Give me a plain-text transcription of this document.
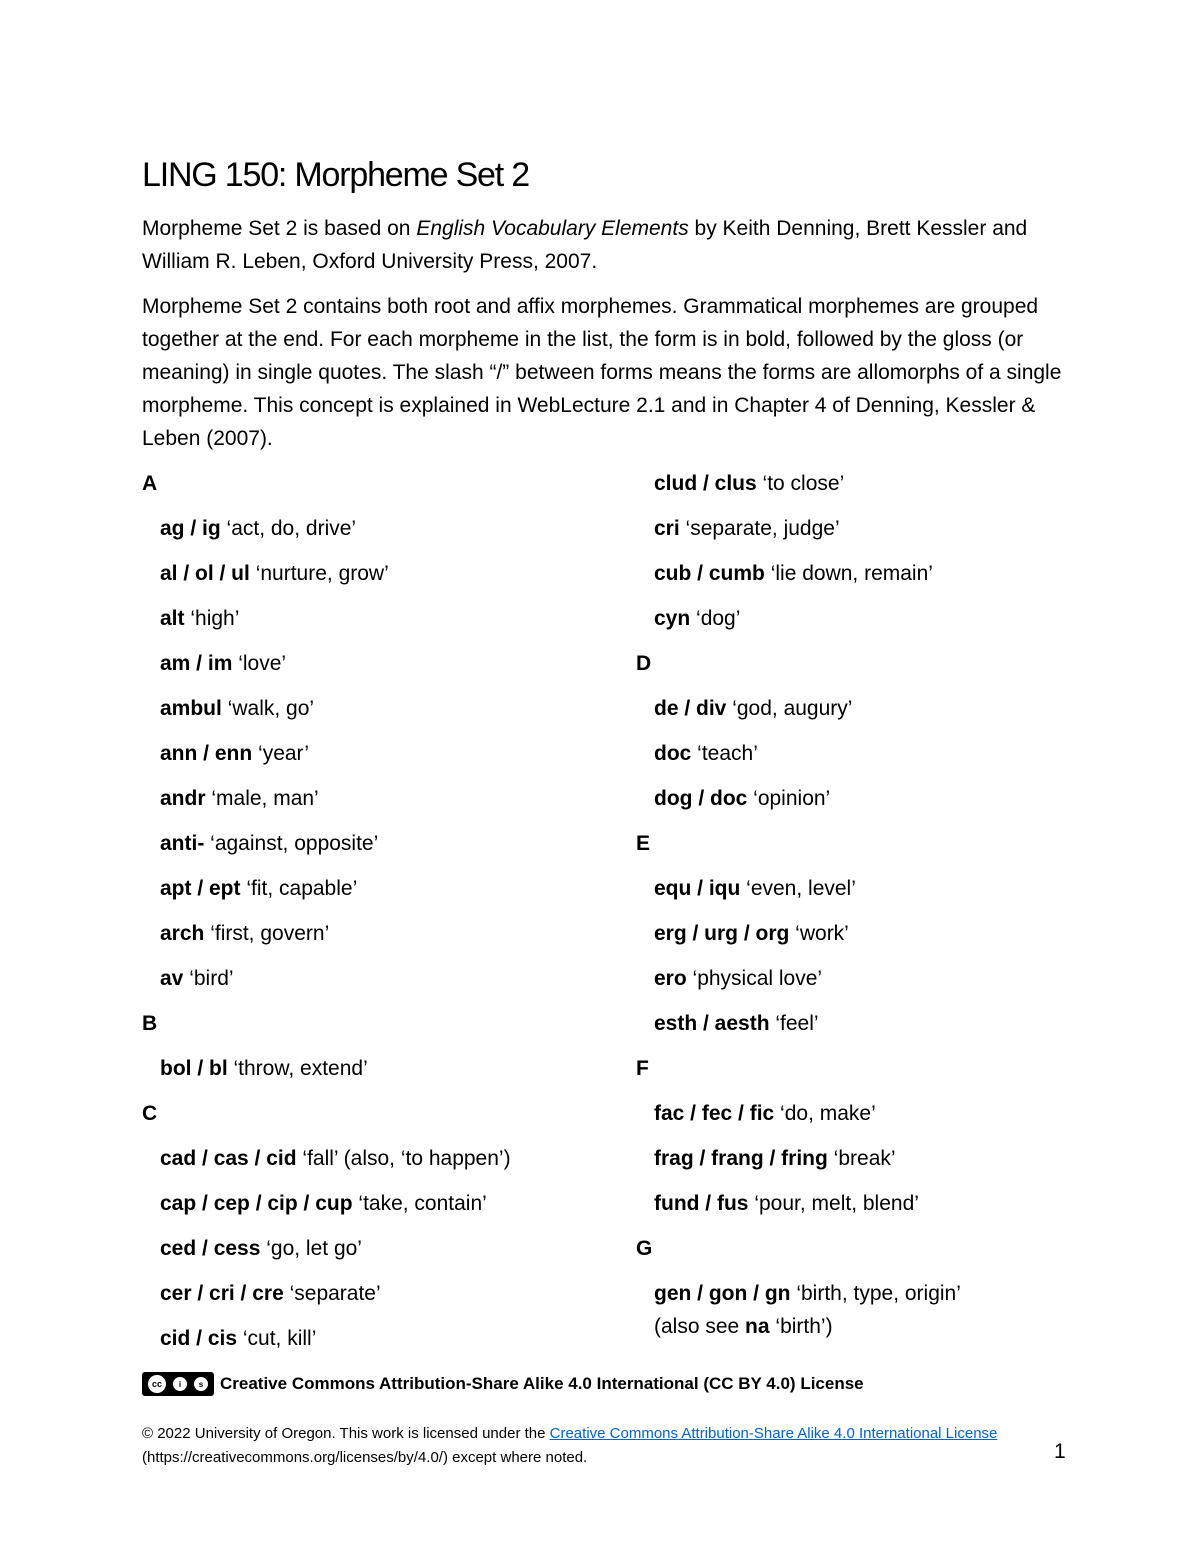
LING 150: Morpheme Set 2

Morpheme Set 2 is based on English Vocabulary Elements by Keith Denning, Brett Kessler and William R. Leben, Oxford University Press, 2007.

Morpheme Set 2 contains both root and affix morphemes. Grammatical morphemes are grouped together at the end. For each morpheme in the list, the form is in bold, followed by the gloss (or meaning) in single quotes. The slash “/” between forms means the forms are allomorphs of a single morpheme. This concept is explained in WebLecture 2.1 and in Chapter 4 of Denning, Kessler & Leben (2007).

A
ag / ig ‘act, do, drive’
al / ol / ul ‘nurture, grow’
alt ‘high’
am / im ‘love’
ambul ‘walk, go’
ann / enn ‘year’
andr ‘male, man’
anti- ‘against, opposite’
apt / ept ‘fit, capable’
arch ‘first, govern’
av ‘bird’
B
bol / bl ‘throw, extend’
C
cad / cas / cid ‘fall’ (also, ‘to happen’)
cap / cep / cip / cup ‘take, contain’
ced / cess ‘go, let go’
cer / cri / cre ‘separate’
cid / cis ‘cut, kill’
clud / clus ‘to close’
cri ‘separate, judge’
cub / cumb ‘lie down, remain’
cyn ‘dog’
D
de / div ‘god, augury’
doc ‘teach’
dog / doc ‘opinion’
E
equ / iqu ‘even, level’
erg / urg / org ‘work’
ero ‘physical love’
esth / aesth ‘feel’
F
fac / fec / fic ‘do, make’
frag / frang / fring ‘break’
fund / fus ‘pour, melt, blend’
G
gen / gon / gn ‘birth, type, origin’
(also see na ‘birth’)
cc	i	s Creative Commons Attribution-Share Alike 4.0 International (CC BY 4.0) License
© 2022 University of Oregon. This work is licensed under the Creative Commons Attribution-Share Alike 4.0 International License (https://creativecommons.org/licenses/by/4.0/) except where noted.	1
